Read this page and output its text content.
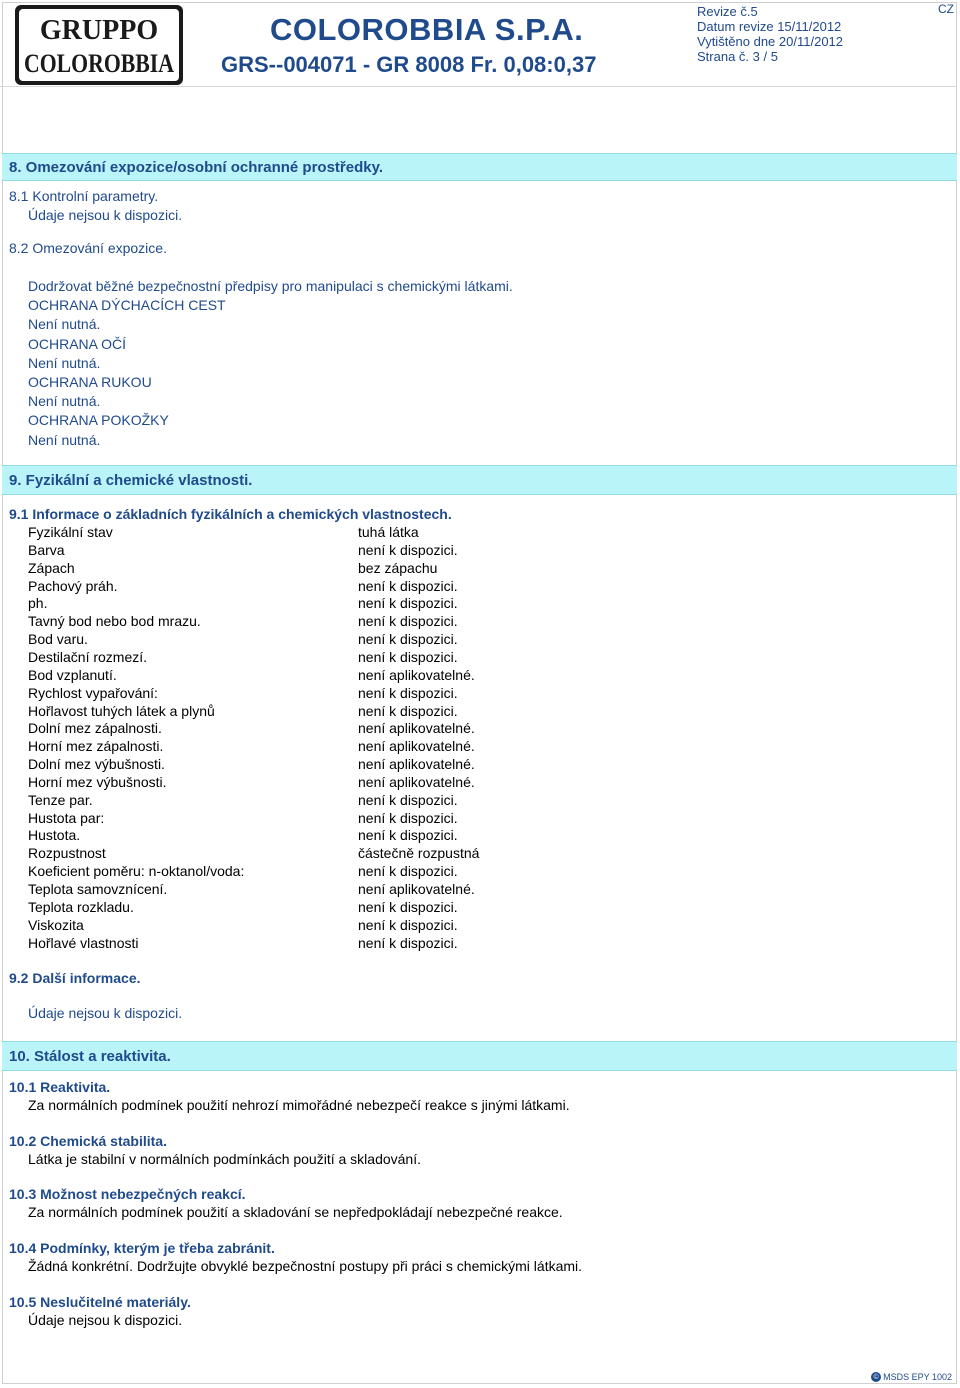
GRUPPO
COLOROBBIA
COLOROBBIA S.P.A.
GRS--004071 - GR 8008 Fr. 0,08:0,37
Revize č.5
Datum revize 15/11/2012
Vytištěno dne 20/11/2012
Strana č. 3 / 5
CZ
8. Omezování expozice/osobní ochranné prostředky.
8.1 Kontrolní parametry.
Údaje nejsou k dispozici.
8.2 Omezování expozice.
Dodržovat běžné bezpečnostní předpisy pro manipulaci s chemickými látkami.
OCHRANA DÝCHACÍCH CEST
Není nutná.
OCHRANA OČÍ
Není nutná.
OCHRANA RUKOU
Není nutná.
OCHRANA POKOŽKY
Není nutná.
9. Fyzikální a chemické vlastnosti.
9.1 Informace o základních fyzikálních a chemických vlastnostech.
Fyzikální stav	tuhá látka
Barva	není k dispozici.
Zápach	bez zápachu
Pachový práh.	není k dispozici.
ph.	není k dispozici.
Tavný bod nebo bod mrazu.	není k dispozici.
Bod varu.	není k dispozici.
Destilační rozmezí.	není k dispozici.
Bod vzplanutí.	není aplikovatelné.
Rychlost vypařování:	není k dispozici.
Hořlavost tuhých látek a plynů	není k dispozici.
Dolní mez zápalnosti.	není aplikovatelné.
Horní mez zápalnosti.	není aplikovatelné.
Dolní mez výbušnosti.	není aplikovatelné.
Horní mez výbušnosti.	není aplikovatelné.
Tenze par.	není k dispozici.
Hustota par:	není k dispozici.
Hustota.	není k dispozici.
Rozpustnost	částečně rozpustná
Koeficient poměru: n-oktanol/voda:	není k dispozici.
Teplota samovznícení.	není aplikovatelné.
Teplota rozkladu.	není k dispozici.
Viskozita	není k dispozici.
Hořlavé vlastnosti	není k dispozici.
9.2 Další informace.
Údaje nejsou k dispozici.
10. Stálost a reaktivita.
10.1 Reaktivita.
Za normálních podmínek použití nehrozí mimořádné nebezpečí reakce s jinými látkami.
10.2 Chemická stabilita.
Látka je stabilní v normálních podmínkách použití a skladování.
10.3 Možnost nebezpečných reakcí.
Za normálních podmínek použití a skladování se nepředpokládají nebezpečné reakce.
10.4 Podmínky, kterým je třeba zabránit.
Žádná konkrétní. Dodržujte obvyklé bezpečnostní postupy při práci s chemickými látkami.
10.5 Neslučitelné materiály.
Údaje nejsou k dispozici.
© MSDS EPY 1002
